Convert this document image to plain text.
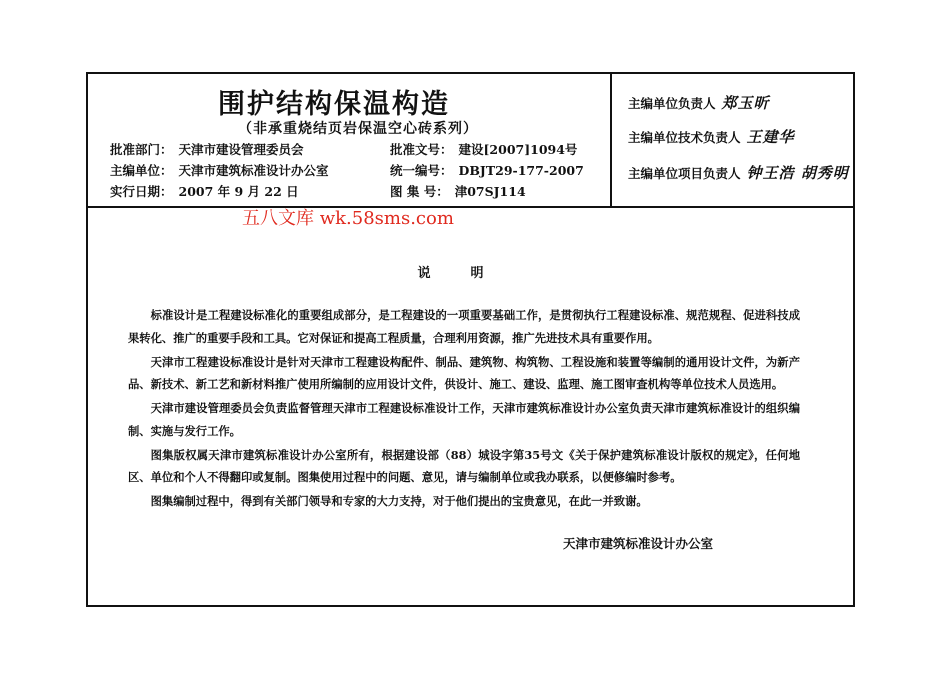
围护结构保温构造
（非承重烧结页岩保温空心砖系列）
批准部门： 天津市建设管理委员会
主编单位： 天津市建筑标准设计办公室
实行日期： 2007 年 9 月 22 日
批准文号： 建设[2007]1094号
统一编号： DBJT29-177-2007
图 集 号： 津07SJ114
主编单位负责人 郑玉昕
主编单位技术负责人 王建华
主编单位项目负责人 钟王浩 胡秀明
五八文库 wk.58sms.com
说明

标准设计是工程建设标准化的重要组成部分，是工程建设的一项重要基础工作，是贯彻执行工程建设标准、规范规程、促进科技成果转化、推广的重要手段和工具。它对保证和提高工程质量，合理利用资源，推广先进技术具有重要作用。

天津市工程建设标准设计是针对天津市工程建设构配件、制品、建筑物、构筑物、工程设施和装置等编制的通用设计文件，为新产品、新技术、新工艺和新材料推广使用所编制的应用设计文件，供设计、施工、建设、监理、施工图审查机构等单位技术人员选用。

天津市建设管理委员会负责监督管理天津市工程建设标准设计工作，天津市建筑标准设计办公室负责天津市建筑标准设计的组织编制、实施与发行工作。

图集版权属天津市建筑标准设计办公室所有，根据建设部（88）城设字第35号文《关于保护建筑标准设计版权的规定》，任何地区、单位和个人不得翻印或复制。图集使用过程中的问题、意见，请与编制单位或我办联系，以便修编时参考。

图集编制过程中，得到有关部门领导和专家的大力支持，对于他们提出的宝贵意见，在此一并致谢。

天津市建筑标准设计办公室
